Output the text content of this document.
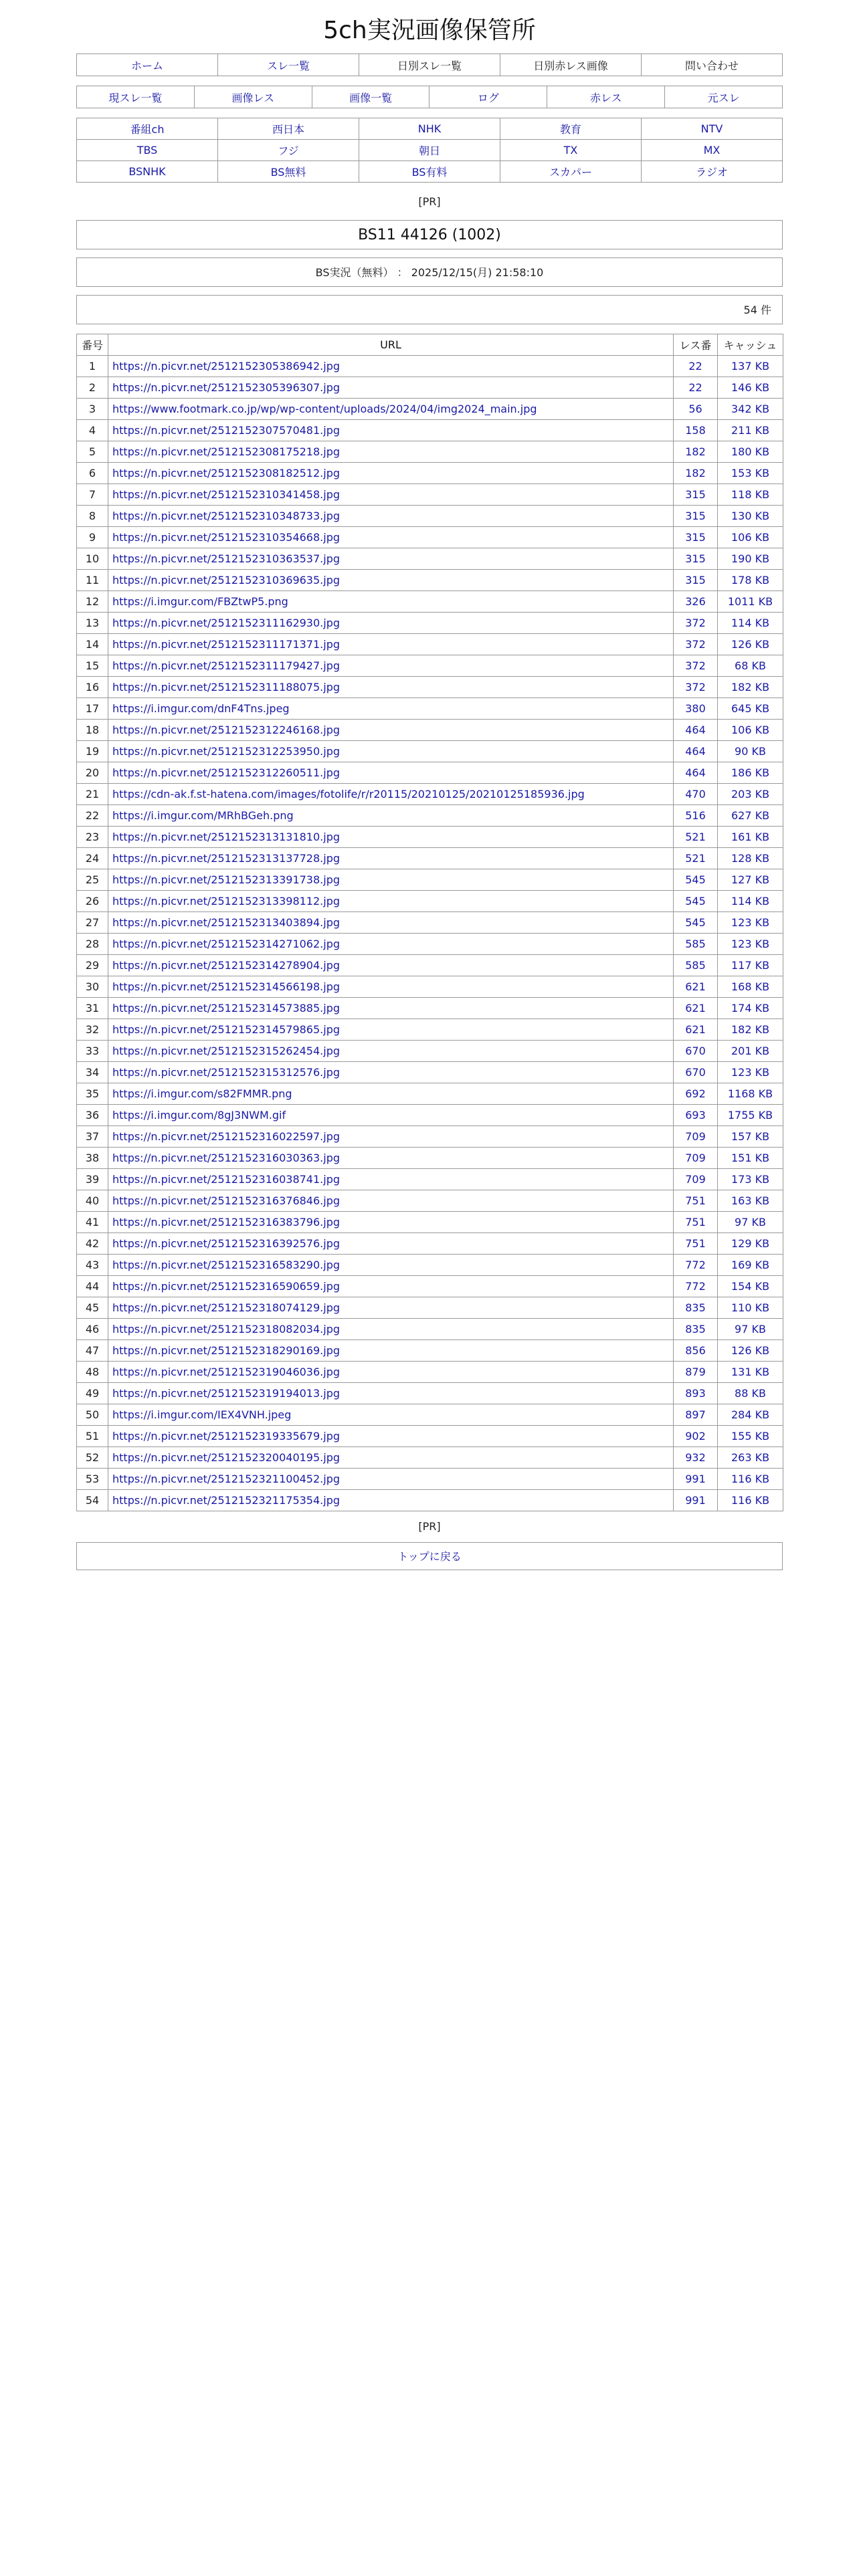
5ch実況画像保管所
ホーム	スレ一覧	日別スレ一覧	日別赤レス画像	問い合わせ
現スレ一覧	画像レス	画像一覧	ログ	赤レス	元スレ
番組ch	西日本	NHK	教育	NTV
TBS	フジ	朝日	TX	MX
BSNHK	BS無料	BS有料	スカパー	ラジオ
[PR]
BS11 44126 (1002)
BS実況（無料） ： 2025/12/15(月) 21:58:10
54 件
番号	URL	レス番	キャッシュ
1	https://n.picvr.net/2512152305386942.jpg	22	137 KB
2	https://n.picvr.net/2512152305396307.jpg	22	146 KB
3	https://www.footmark.co.jp/wp/wp-content/uploads/2024/04/img2024_main.jpg	56	342 KB
4	https://n.picvr.net/2512152307570481.jpg	158	211 KB
5	https://n.picvr.net/2512152308175218.jpg	182	180 KB
6	https://n.picvr.net/2512152308182512.jpg	182	153 KB
7	https://n.picvr.net/2512152310341458.jpg	315	118 KB
8	https://n.picvr.net/2512152310348733.jpg	315	130 KB
9	https://n.picvr.net/2512152310354668.jpg	315	106 KB
10	https://n.picvr.net/2512152310363537.jpg	315	190 KB
11	https://n.picvr.net/2512152310369635.jpg	315	178 KB
12	https://i.imgur.com/FBZtwP5.png	326	1011 KB
13	https://n.picvr.net/2512152311162930.jpg	372	114 KB
14	https://n.picvr.net/2512152311171371.jpg	372	126 KB
15	https://n.picvr.net/2512152311179427.jpg	372	68 KB
16	https://n.picvr.net/2512152311188075.jpg	372	182 KB
17	https://i.imgur.com/dnF4Tns.jpeg	380	645 KB
18	https://n.picvr.net/2512152312246168.jpg	464	106 KB
19	https://n.picvr.net/2512152312253950.jpg	464	90 KB
20	https://n.picvr.net/2512152312260511.jpg	464	186 KB
21	https://cdn-ak.f.st-hatena.com/images/fotolife/r/r20115/20210125/20210125185936.jpg	470	203 KB
22	https://i.imgur.com/MRhBGeh.png	516	627 KB
23	https://n.picvr.net/2512152313131810.jpg	521	161 KB
24	https://n.picvr.net/2512152313137728.jpg	521	128 KB
25	https://n.picvr.net/2512152313391738.jpg	545	127 KB
26	https://n.picvr.net/2512152313398112.jpg	545	114 KB
27	https://n.picvr.net/2512152313403894.jpg	545	123 KB
28	https://n.picvr.net/2512152314271062.jpg	585	123 KB
29	https://n.picvr.net/2512152314278904.jpg	585	117 KB
30	https://n.picvr.net/2512152314566198.jpg	621	168 KB
31	https://n.picvr.net/2512152314573885.jpg	621	174 KB
32	https://n.picvr.net/2512152314579865.jpg	621	182 KB
33	https://n.picvr.net/2512152315262454.jpg	670	201 KB
34	https://n.picvr.net/2512152315312576.jpg	670	123 KB
35	https://i.imgur.com/s82FMMR.png	692	1168 KB
36	https://i.imgur.com/8gJ3NWM.gif	693	1755 KB
37	https://n.picvr.net/2512152316022597.jpg	709	157 KB
38	https://n.picvr.net/2512152316030363.jpg	709	151 KB
39	https://n.picvr.net/2512152316038741.jpg	709	173 KB
40	https://n.picvr.net/2512152316376846.jpg	751	163 KB
41	https://n.picvr.net/2512152316383796.jpg	751	97 KB
42	https://n.picvr.net/2512152316392576.jpg	751	129 KB
43	https://n.picvr.net/2512152316583290.jpg	772	169 KB
44	https://n.picvr.net/2512152316590659.jpg	772	154 KB
45	https://n.picvr.net/2512152318074129.jpg	835	110 KB
46	https://n.picvr.net/2512152318082034.jpg	835	97 KB
47	https://n.picvr.net/2512152318290169.jpg	856	126 KB
48	https://n.picvr.net/2512152319046036.jpg	879	131 KB
49	https://n.picvr.net/2512152319194013.jpg	893	88 KB
50	https://i.imgur.com/IEX4VNH.jpeg	897	284 KB
51	https://n.picvr.net/2512152319335679.jpg	902	155 KB
52	https://n.picvr.net/2512152320040195.jpg	932	263 KB
53	https://n.picvr.net/2512152321100452.jpg	991	116 KB
54	https://n.picvr.net/2512152321175354.jpg	991	116 KB
[PR]
トップに戻る
